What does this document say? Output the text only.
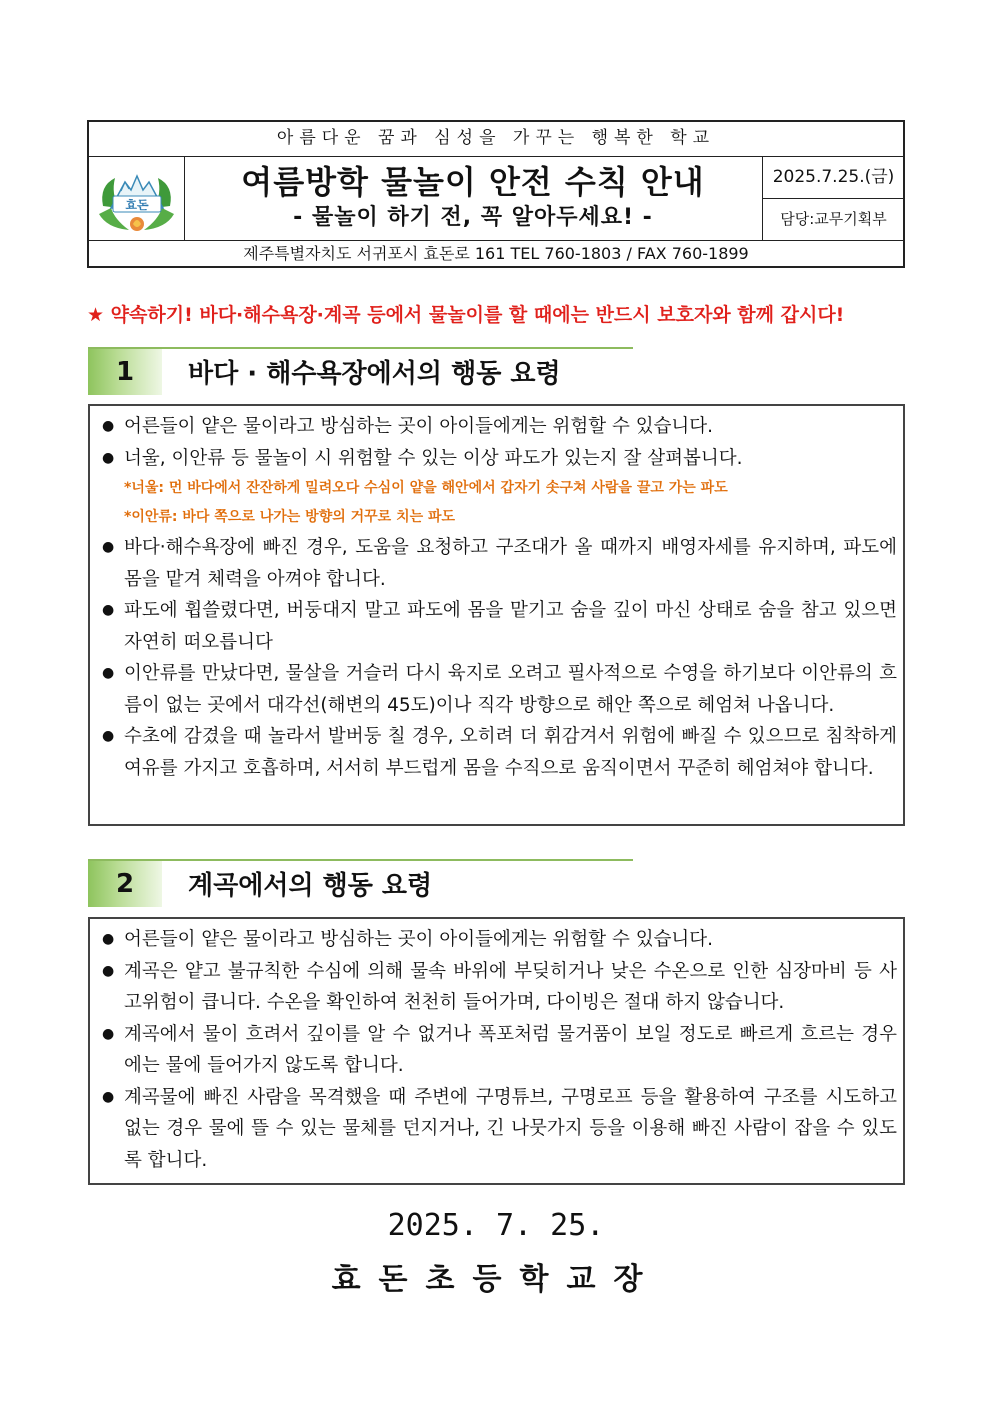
아름다운 꿈과 심성을 가꾸는 행복한 학교
효돈
여름방학 물놀이 안전 수칙 안내
- 물놀이 하기 전, 꼭 알아두세요! -
2025.7.25.(금)
담당:교무기획부
제주특별자치도 서귀포시 효돈로 161 TEL 760-1803 / FAX 760-1899
★ 약속하기! 바다·해수욕장·계곡 등에서 물놀이를 할 때에는 반드시 보호자와 함께 갑시다!
1	바다 · 해수욕장에서의 행동 요령
● 어른들이 얕은 물이라고 방심하는 곳이 아이들에게는 위험할 수 있습니다.
● 너울, 이안류 등 물놀이 시 위험할 수 있는 이상 파도가 있는지 잘 살펴봅니다.
*너울: 먼 바다에서 잔잔하게 밀려오다 수심이 얕을 해안에서 갑자기 솟구쳐 사람을 끌고 가는 파도
*이안류: 바다 쪽으로 나가는 방향의 거꾸로 치는 파도
● 바다·해수욕장에 빠진 경우, 도움을 요청하고 구조대가 올 때까지 배영자세를 유지하며, 파도에 몸을 맡겨 체력을 아껴야 합니다.
● 파도에 휩쓸렸다면, 버둥대지 말고 파도에 몸을 맡기고 숨을 깊이 마신 상태로 숨을 참고 있으면 자연히 떠오릅니다
● 이안류를 만났다면, 물살을 거슬러 다시 육지로 오려고 필사적으로 수영을 하기보다 이안류의 흐름이 없는 곳에서 대각선(해변의 45도)이나 직각 방향으로 해안 쪽으로 헤엄쳐 나옵니다.
● 수초에 감겼을 때 놀라서 발버둥 칠 경우, 오히려 더 휘감겨서 위험에 빠질 수 있으므로 침착하게 여유를 가지고 호흡하며, 서서히 부드럽게 몸을 수직으로 움직이면서 꾸준히 헤엄쳐야 합니다.
2	계곡에서의 행동 요령
● 어른들이 얕은 물이라고 방심하는 곳이 아이들에게는 위험할 수 있습니다.
● 계곡은 얕고 불규칙한 수심에 의해 물속 바위에 부딪히거나 낮은 수온으로 인한 심장마비 등 사고위험이 큽니다. 수온을 확인하여 천천히 들어가며, 다이빙은 절대 하지 않습니다.
● 계곡에서 물이 흐려서 깊이를 알 수 없거나 폭포처럼 물거품이 보일 정도로 빠르게 흐르는 경우에는 물에 들어가지 않도록 합니다.
● 계곡물에 빠진 사람을 목격했을 때 주변에 구명튜브, 구명로프 등을 활용하여 구조를 시도하고 없는 경우 물에 뜰 수 있는 물체를 던지거나, 긴 나뭇가지 등을 이용해 빠진 사람이 잡을 수 있도록 합니다.
2025. 7. 25.
효돈초등학교장
